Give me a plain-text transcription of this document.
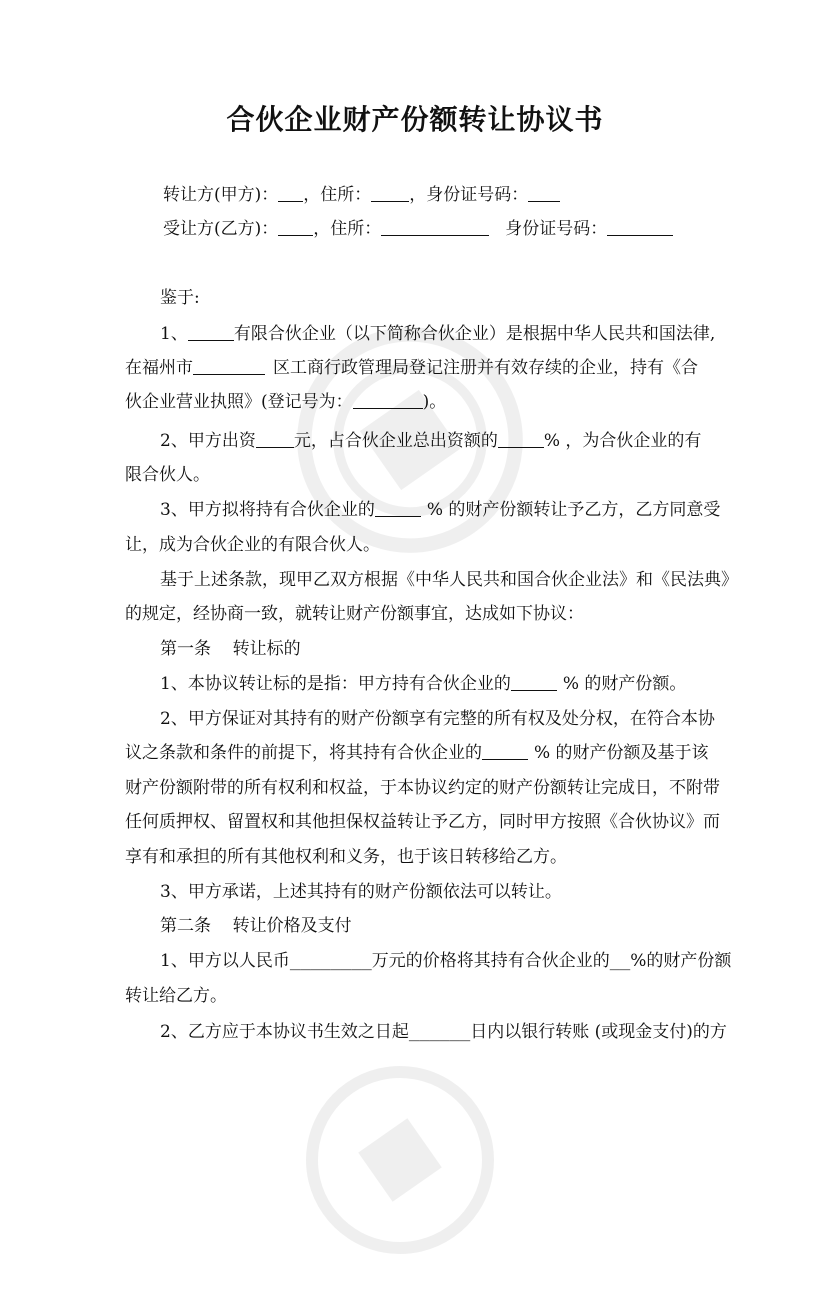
合伙企业财产份额转让协议书
转让方(甲方)： ，住所： ，身份证号码：
受让方(乙方)： ，住所：	身份证号码：
鉴于:
1、	有限合伙企业（以下简称合伙企业）是根据中华人民共和国法律,
在福州市	区工商行政管理局登记注册并有效存续的企业，持有《合
伙企业营业执照》(登记号为：	)。
2、甲方出资 元，占合伙企业总出资额的	% ，为合伙企业的有
限合伙人。
3、甲方拟将持有合伙企业的	% 的财产份额转让予乙方，乙方同意受
让，成为合伙企业的有限合伙人。
基于上述条款，现甲乙双方根据《中华人民共和国合伙企业法》和《民法典》
的规定，经协商一致，就转让财产份额事宜，达成如下协议：
第一条    转让标的
1、本协议转让标的是指：甲方持有合伙企业的	% 的财产份额。
2、甲方保证对其持有的财产份额享有完整的所有权及处分权，在符合本协
议之条款和条件的前提下，将其持有合伙企业的	% 的财产份额及基于该
财产份额附带的所有权利和权益，于本协议约定的财产份额转让完成日，不附带
任何质押权、留置权和其他担保权益转让予乙方，同时甲方按照《合伙协议》而
享有和承担的所有其他权利和义务，也于该日转移给乙方。
3、甲方承诺，上述其持有的财产份额依法可以转让。
第二条    转让价格及支付
1、甲方以人民币________万元的价格将其持有合伙企业的__%的财产份额
转让给乙方。
2、乙方应于本协议书生效之日起______日内以银行转账 (或现金支付)的方
